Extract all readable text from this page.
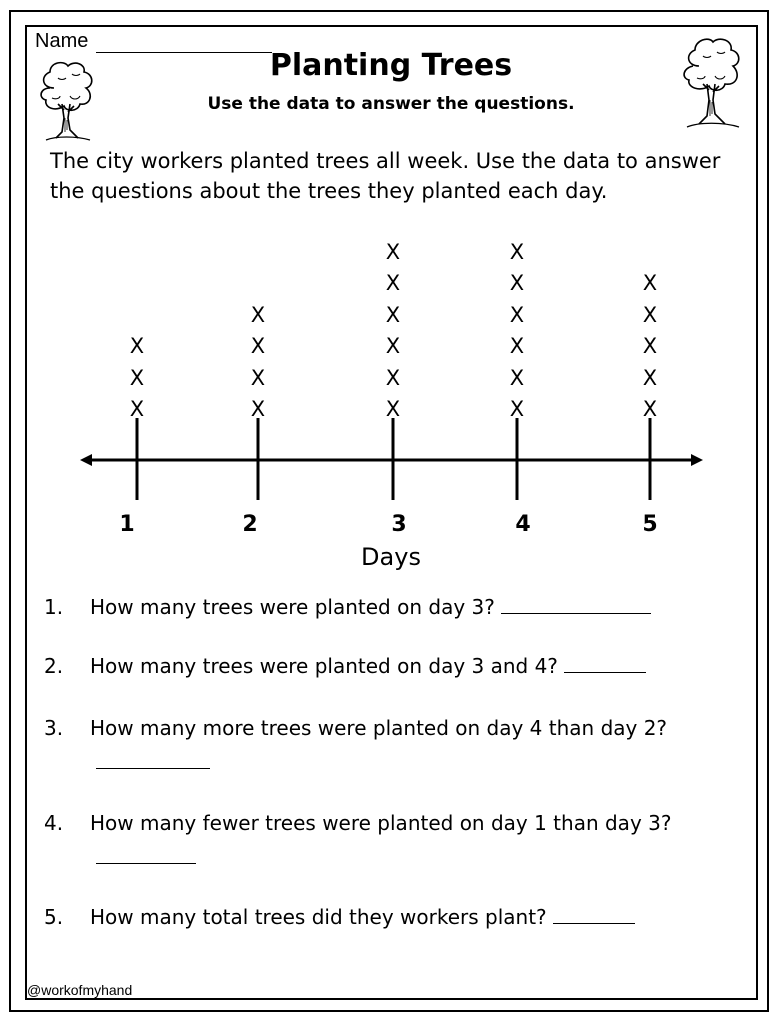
Name
Planting Trees
Use the data to answer the questions.
The city workers planted trees all week. Use the data to answer the questions about the trees they planted each day.
X
X
X
X
X
X
X
X
X
X
X
X
X
X
X
X
X
X
X
X
X
X
X
X
1	2	3	4	5
Days
1. How many trees were planted on day 3?
2. How many trees were planted on day 3 and 4?
3. How many more trees were planted on day 4 than day 2?
4. How many fewer trees were planted on day 1 than day 3?
5. How many total trees did they workers plant?
@workofmyhand
